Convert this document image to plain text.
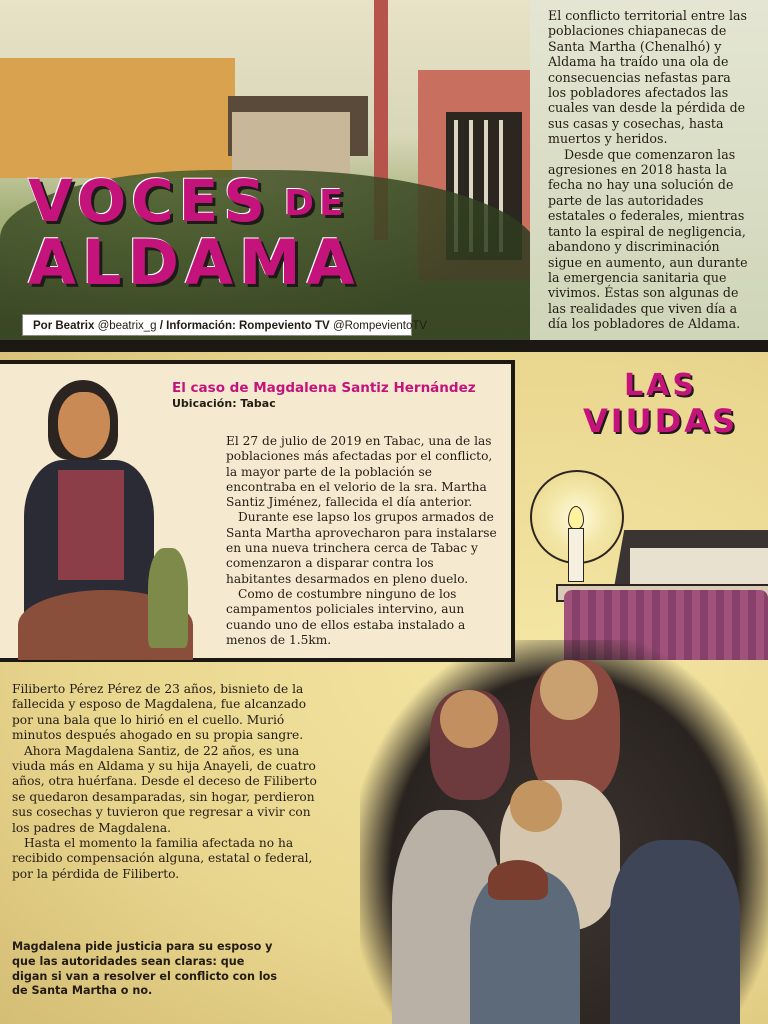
VOCES DE
ALDAMA
Por Beatrix @beatrix_g / Información: Rompeviento TV @RompevientoTV

El conflicto territorial entre las poblaciones chiapanecas de Santa Martha (Chenalhó) y Aldama ha traído una ola de consecuencias nefastas para los pobladores afectados las cuales van desde la pérdida de sus casas y cosechas, hasta muertos y heridos.

Desde que comenzaron las agresiones en 2018 hasta la fecha no hay una solución de parte de las autoridades estatales o federales, mientras tanto la espiral de negligencia, abandono y discriminación sigue en aumento, aun durante la emergencia sanitaria que vivimos. Éstas son algunas de las realidades que viven día a día los pobladores de Aldama.

El caso de Magdalena Santiz Hernández
Ubicación: Tabac

El 27 de julio de 2019 en Tabac, una de las poblaciones más afectadas por el conflicto, la mayor parte de la población se encontraba en el velorio de la sra. Martha Santiz Jiménez, fallecida el día anterior.

Durante ese lapso los grupos armados de Santa Martha aprovecharon para instalarse en una nueva trinchera cerca de Tabac y comenzaron a disparar contra los habitantes desarmados en pleno duelo.

Como de costumbre ninguno de los campamentos policiales intervino, aun cuando uno de ellos estaba instalado a menos de 1.5km.

LAS
VIUDAS

Filiberto Pérez Pérez de 23 años, bisnieto de la fallecida y esposo de Magdalena, fue alcanzado por una bala que lo hirió en el cuello. Murió minutos después ahogado en su propia sangre.

Ahora Magdalena Santiz, de 22 años, es una viuda más en Aldama y su hija Anayeli, de cuatro años, otra huérfana. Desde el deceso de Filiberto se quedaron desamparadas, sin hogar, perdieron sus cosechas y tuvieron que regresar a vivir con los padres de Magdalena.

Hasta el momento la familia afectada no ha recibido compensación alguna, estatal o federal, por la pérdida de Filiberto.

Magdalena pide justicia para su esposo y que las autoridades sean claras: que digan si van a resolver el conflicto con los de Santa Martha o no.
